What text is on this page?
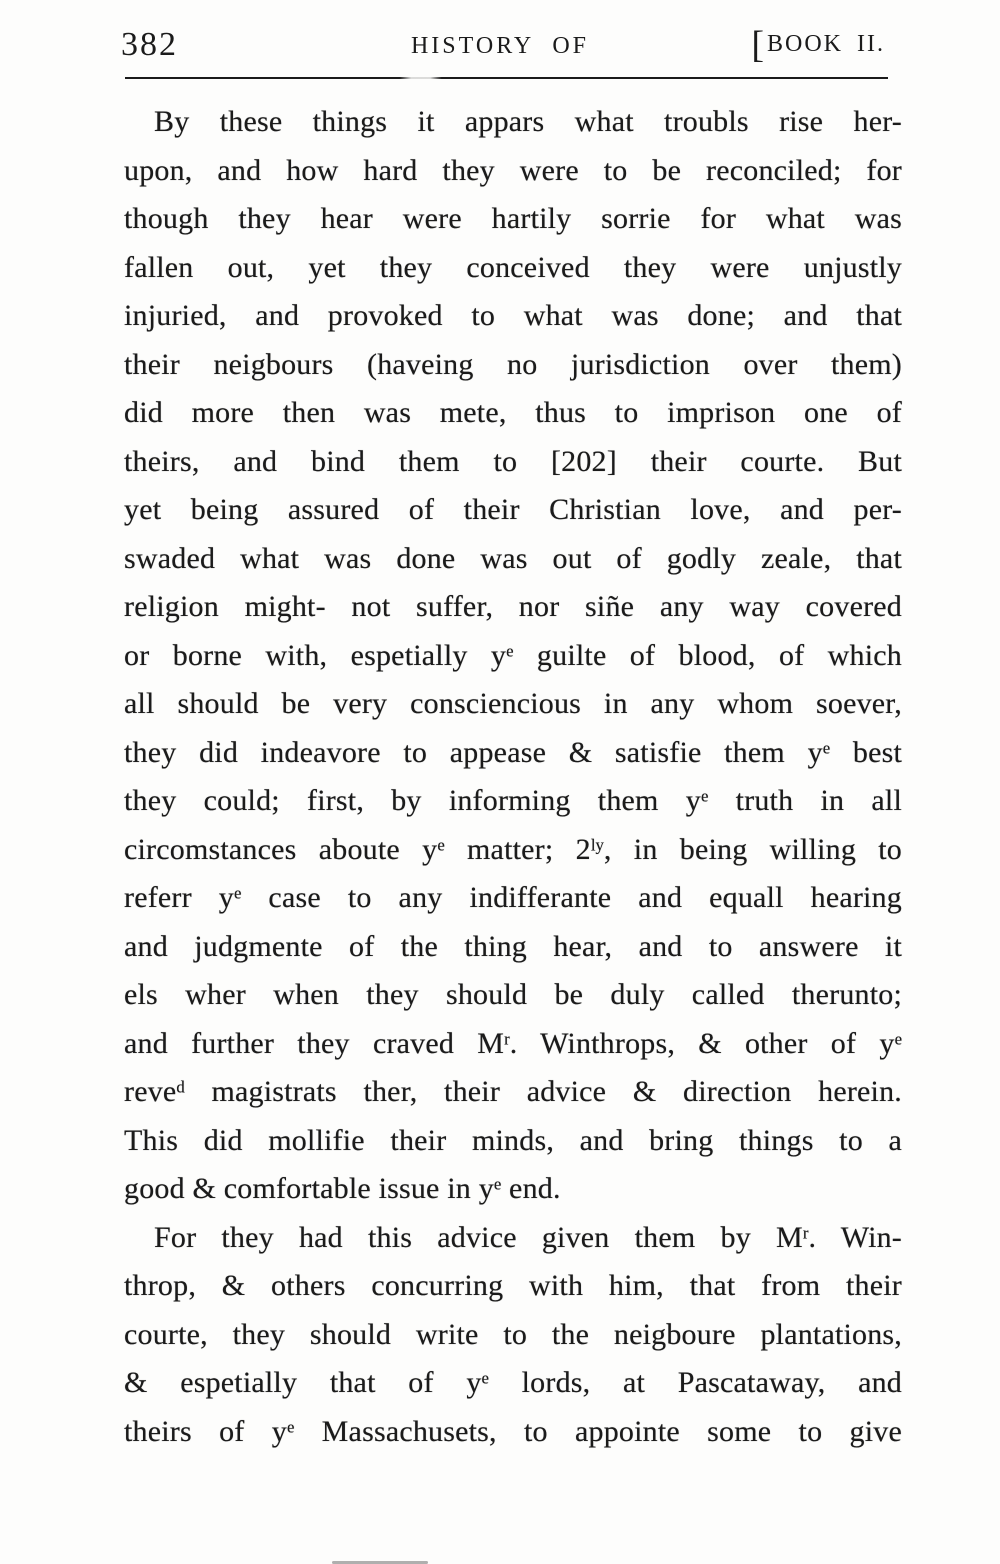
382	HISTORY OF	[ BOOK II.
By these things it appars what troubls rise her-
upon, and how hard they were to be reconciled; for
though they hear were hartily sorrie for what was
fallen out, yet they conceived they were unjustly
injuried, and provoked to what was done; and that
their neigbours (haveing no jurisdiction over them)
did more then was mete, thus to imprison one of
theirs, and bind them to [202] their courte. But
yet being assured of their Christian love, and per-
swaded what was done was out of godly zeale, that
religion might- not suffer, nor siñe any way covered
or borne with, espetially $y^e$ guilte of blood, of which
all should be very consciencious in any whom soever,
they did indeavore to appease & satisfie them $y^e$ best
they could; first, by informing them $y^e$ truth in all
circomstances aboute $y^e$ matter; $2^{ly}$, in being willing to
referr $y^e$ case to any indifferante and equall hearing
and judgmente of the thing hear, and to answere it
els wher when they should be duly called therunto;
and further they craved $M^r$. Winthrops, & other of $y^e$
reve$^d$ magistrats ther, their advice & direction herein.
This did mollifie their minds, and bring things to a
good & comfortable issue in $y^e$ end.
For they had this advice given them by $M^r$. Win-
throp, & others concurring with him, that from their
courte, they should write to the neigboure plantations,
& espetially that of $y^e$ lords, at Pascataway, and
theirs of $y^e$ Massachusets, to appointe some to give
